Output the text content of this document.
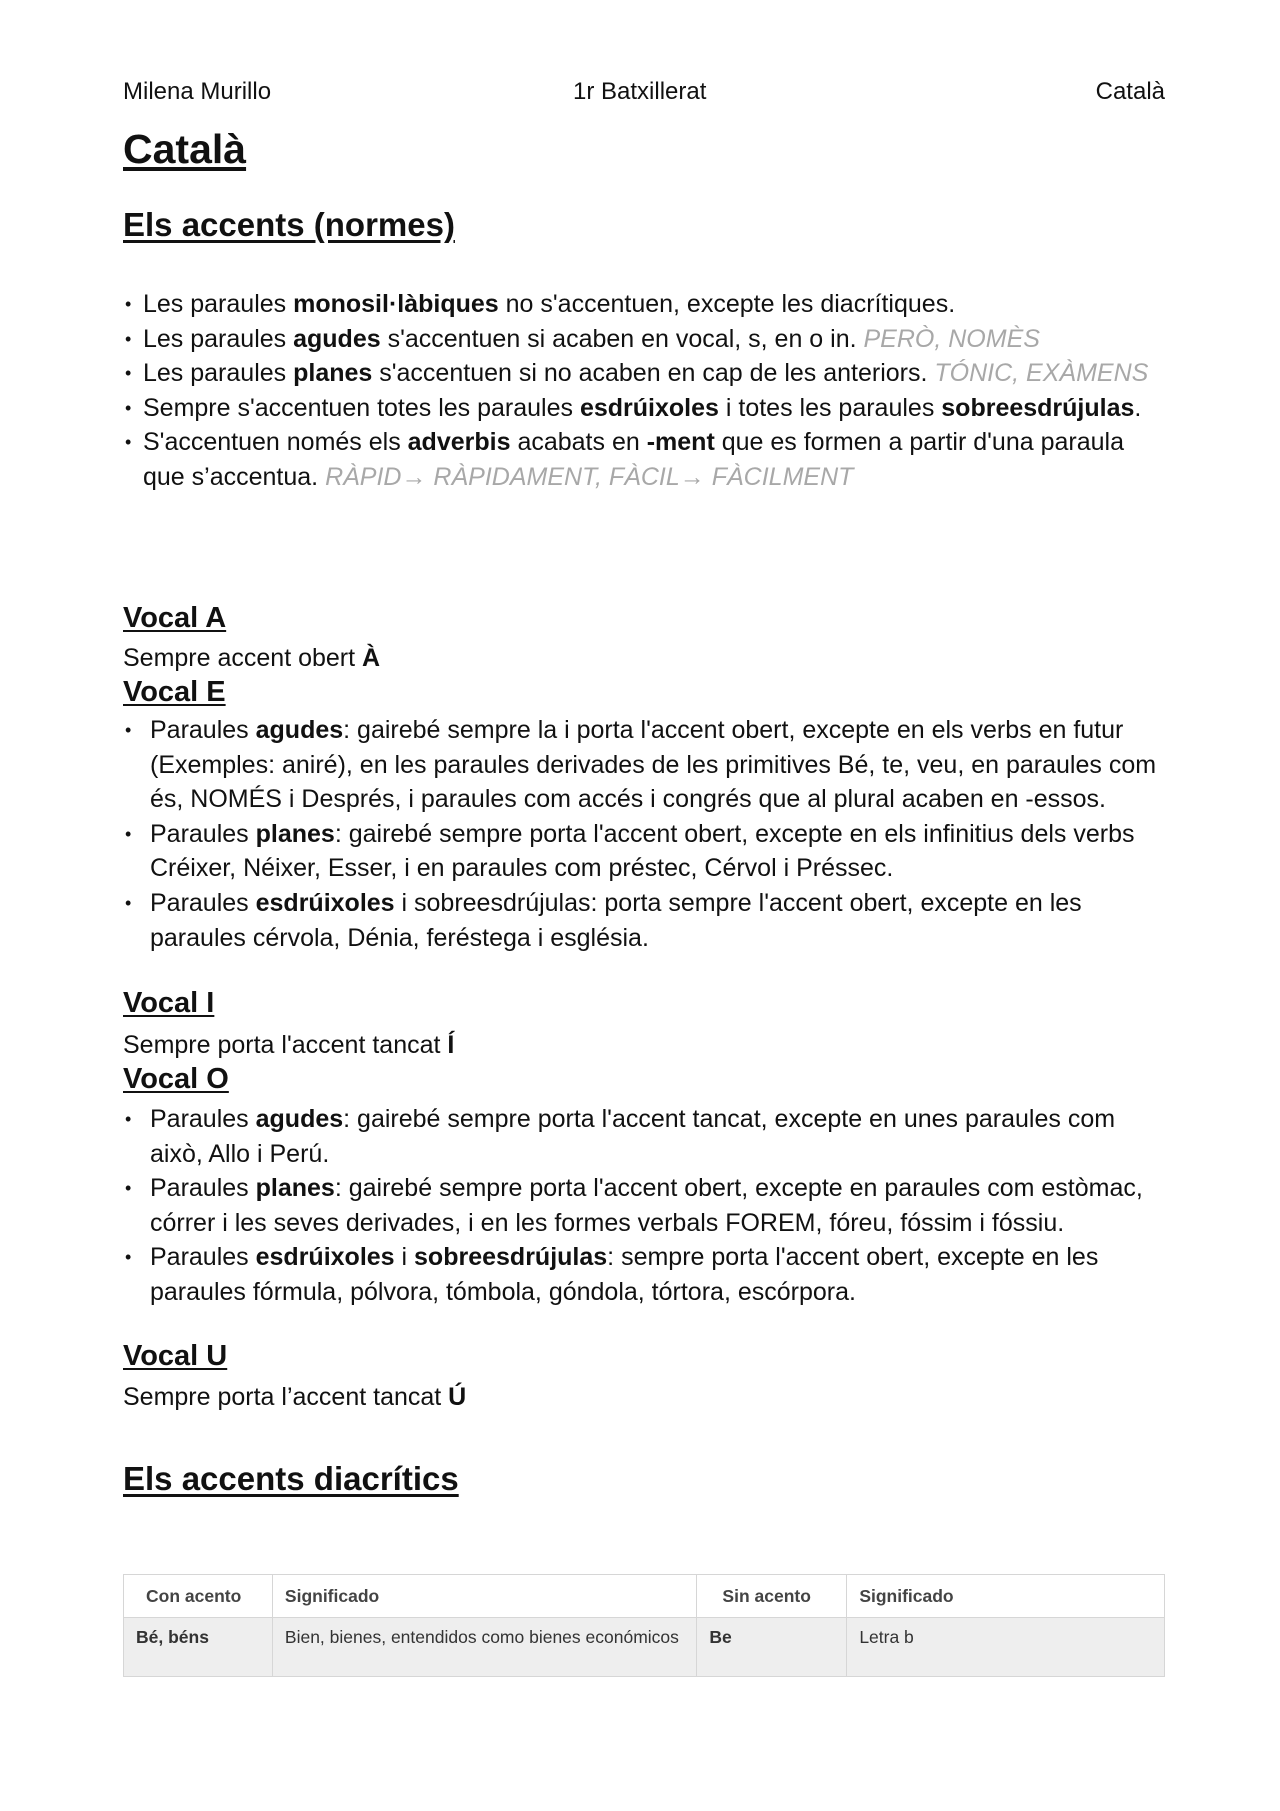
Milena Murillo	1r Batxillerat	Català
Català
Els accents (normes)
• Les paraules monosil·làbiques no s'accentuen, excepte les diacrítiques.
• Les paraules agudes s'accentuen si acaben en vocal, s, en o in. PERÒ, NOMÈS
• Les paraules planes s'accentuen si no acaben en cap de les anteriors. TÓNIC, EXÀMENS
• Sempre s'accentuen totes les paraules esdrúixoles i totes les paraules sobreesdrújulas.
• S'accentuen només els adverbis acabats en -ment que es formen a partir d'una paraula que s’accentua. RÀPID→ RÀPIDAMENT, FÀCIL→ FÀCILMENT
Vocal A

Sempre accent obert À

Vocal E
• Paraules agudes: gairebé sempre la i porta l'accent obert, excepte en els verbs en futur (Exemples: aniré), en les paraules derivades de les primitives Bé, te, veu, en paraules com és, NOMÉS i Després, i paraules com accés i congrés que al plural acaben en -essos.
• Paraules planes: gairebé sempre porta l'accent obert, excepte en els infinitius dels verbs Créixer, Néixer, Esser, i en paraules com préstec, Cérvol i Préssec.
• Paraules esdrúixoles i sobreesdrújulas: porta sempre l'accent obert, excepte en les paraules cérvola, Dénia, feréstega i església.
Vocal I

Sempre porta l'accent tancat Í

Vocal O
• Paraules agudes: gairebé sempre porta l'accent tancat, excepte en unes paraules com això, Allo i Perú.
• Paraules planes: gairebé sempre porta l'accent obert, excepte en paraules com estòmac, córrer i les seves derivades, i en les formes verbals FOREM, fóreu, fóssim i fóssiu.
• Paraules esdrúixoles i sobreesdrújulas: sempre porta l'accent obert, excepte en les paraules fórmula, pólvora, tómbola, góndola, tórtora, escórpora.
Vocal U

Sempre porta l’accent tancat Ú

Els accents diacrítics
Con acento	Significado	Sin acento	Significado
Bé, béns	Bien, bienes, entendidos como bienes económicos	Be	Letra b
